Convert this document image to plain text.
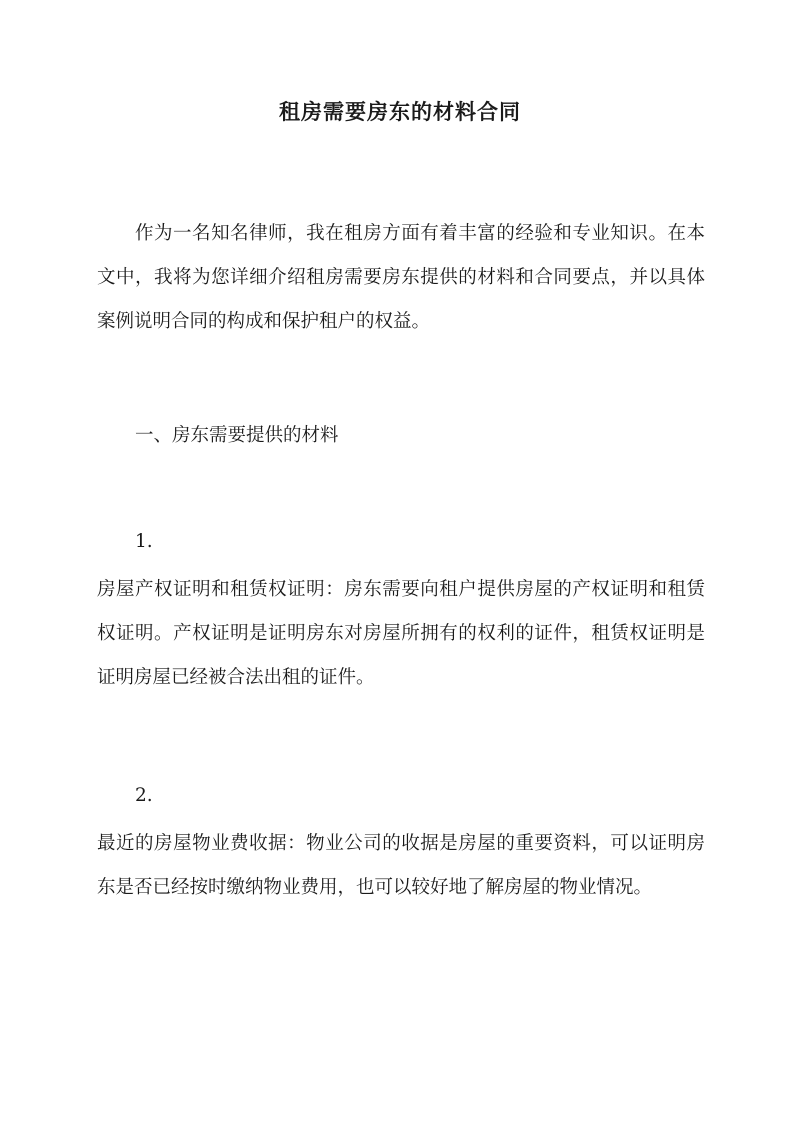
租房需要房东的材料合同

作为一名知名律师，我在租房方面有着丰富的经验和专业知识。在本文中，我将为您详细介绍租房需要房东提供的材料和合同要点，并以具体案例说明合同的构成和保护租户的权益。

一、房东需要提供的材料

1.

房屋产权证明和租赁权证明：房东需要向租户提供房屋的产权证明和租赁权证明。产权证明是证明房东对房屋所拥有的权利的证件，租赁权证明是证明房屋已经被合法出租的证件。

2.

最近的房屋物业费收据：物业公司的收据是房屋的重要资料，可以证明房东是否已经按时缴纳物业费用，也可以较好地了解房屋的物业情况。
